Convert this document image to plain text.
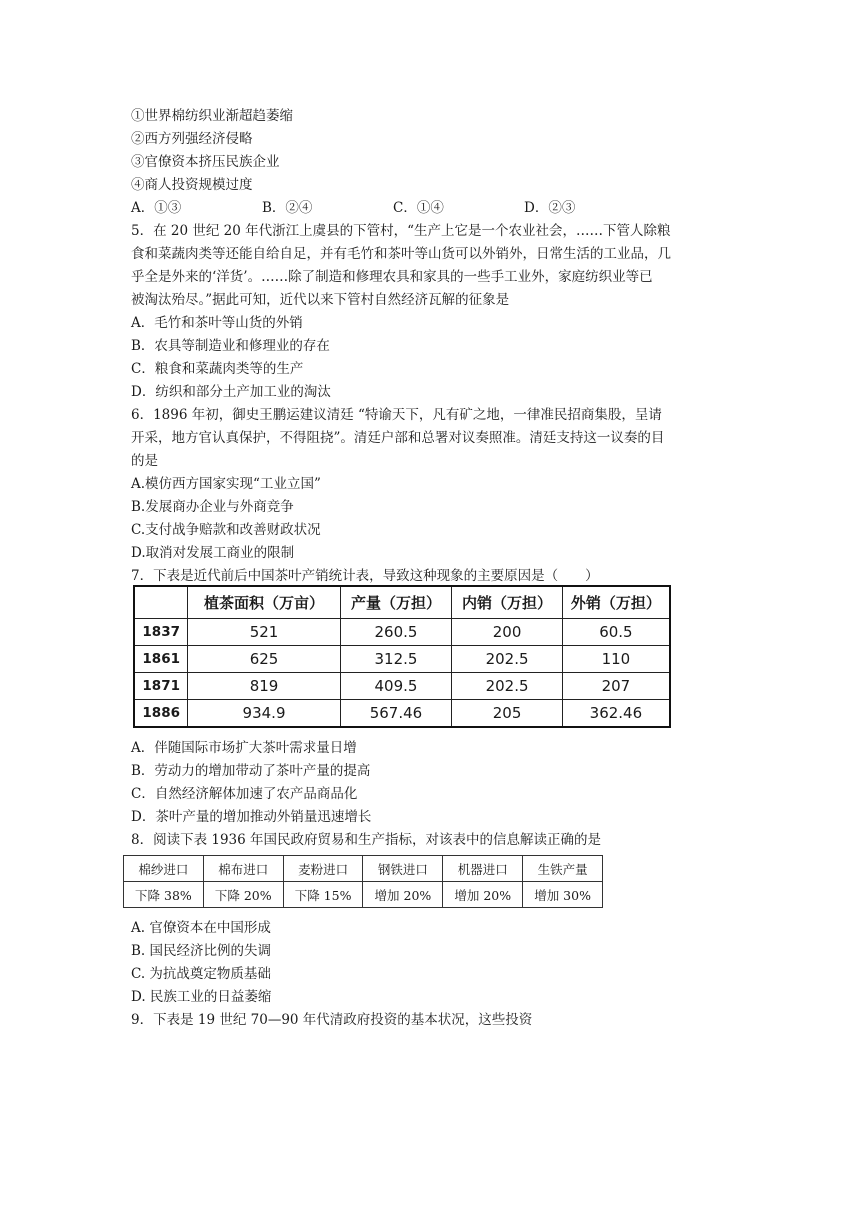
①世界棉纺织业渐超趋萎缩
②西方列强经济侵略
③官僚资本挤压民族企业
④商人投资规模过度
A．①③	B．②④	C．①④	D．②③
5．在 20 世纪 20 年代浙江上虞县的下管村，“生产上它是一个农业社会，……下管人除粮
食和菜蔬肉类等还能自给自足，并有毛竹和茶叶等山货可以外销外，日常生活的工业品，几
乎全是外来的‘洋货’。……除了制造和修理农具和家具的一些手工业外，家庭纺织业等已
被淘汰殆尽。”据此可知，近代以来下管村自然经济瓦解的征象是
A．毛竹和茶叶等山货的外销
B．农具等制造业和修理业的存在
C．粮食和菜蔬肉类等的生产
D．纺织和部分土产加工业的淘汰
6．1896 年初，御史王鹏运建议清廷 “特谕天下，凡有矿之地，一律准民招商集股，呈请
开采，地方官认真保护，不得阻挠”。清廷户部和总署对议奏照准。清廷支持这一议奏的目
的是
A.模仿西方国家实现“工业立国”
B.发展商办企业与外商竞争
C.支付战争赔款和改善财政状况
D.取消对发展工商业的限制
7．下表是近代前后中国茶叶产销统计表，导致这种现象的主要原因是（　　）
	植茶面积（万亩）	产量（万担）	内销（万担）	外销（万担）
1837	521	260.5	200	60.5
1861	625	312.5	202.5	110
1871	819	409.5	202.5	207
1886	934.9	567.46	205	362.46
A．伴随国际市场扩大茶叶需求量日增
B．劳动力的增加带动了茶叶产量的提高
C．自然经济解体加速了农产品商品化
D．茶叶产量的增加推动外销量迅速增长
8．阅读下表 1936 年国民政府贸易和生产指标，对该表中的信息解读正确的是
棉纱进口	棉布进口	麦粉进口	钢铁进口	机器进口	生铁产量
下降 38%	下降 20%	下降 15%	增加 20%	增加 20%	增加 30%
A. 官僚资本在中国形成
B. 国民经济比例的失调
C. 为抗战奠定物质基础
D. 民族工业的日益萎缩
9．下表是 19 世纪 70—90 年代清政府投资的基本状况，这些投资
